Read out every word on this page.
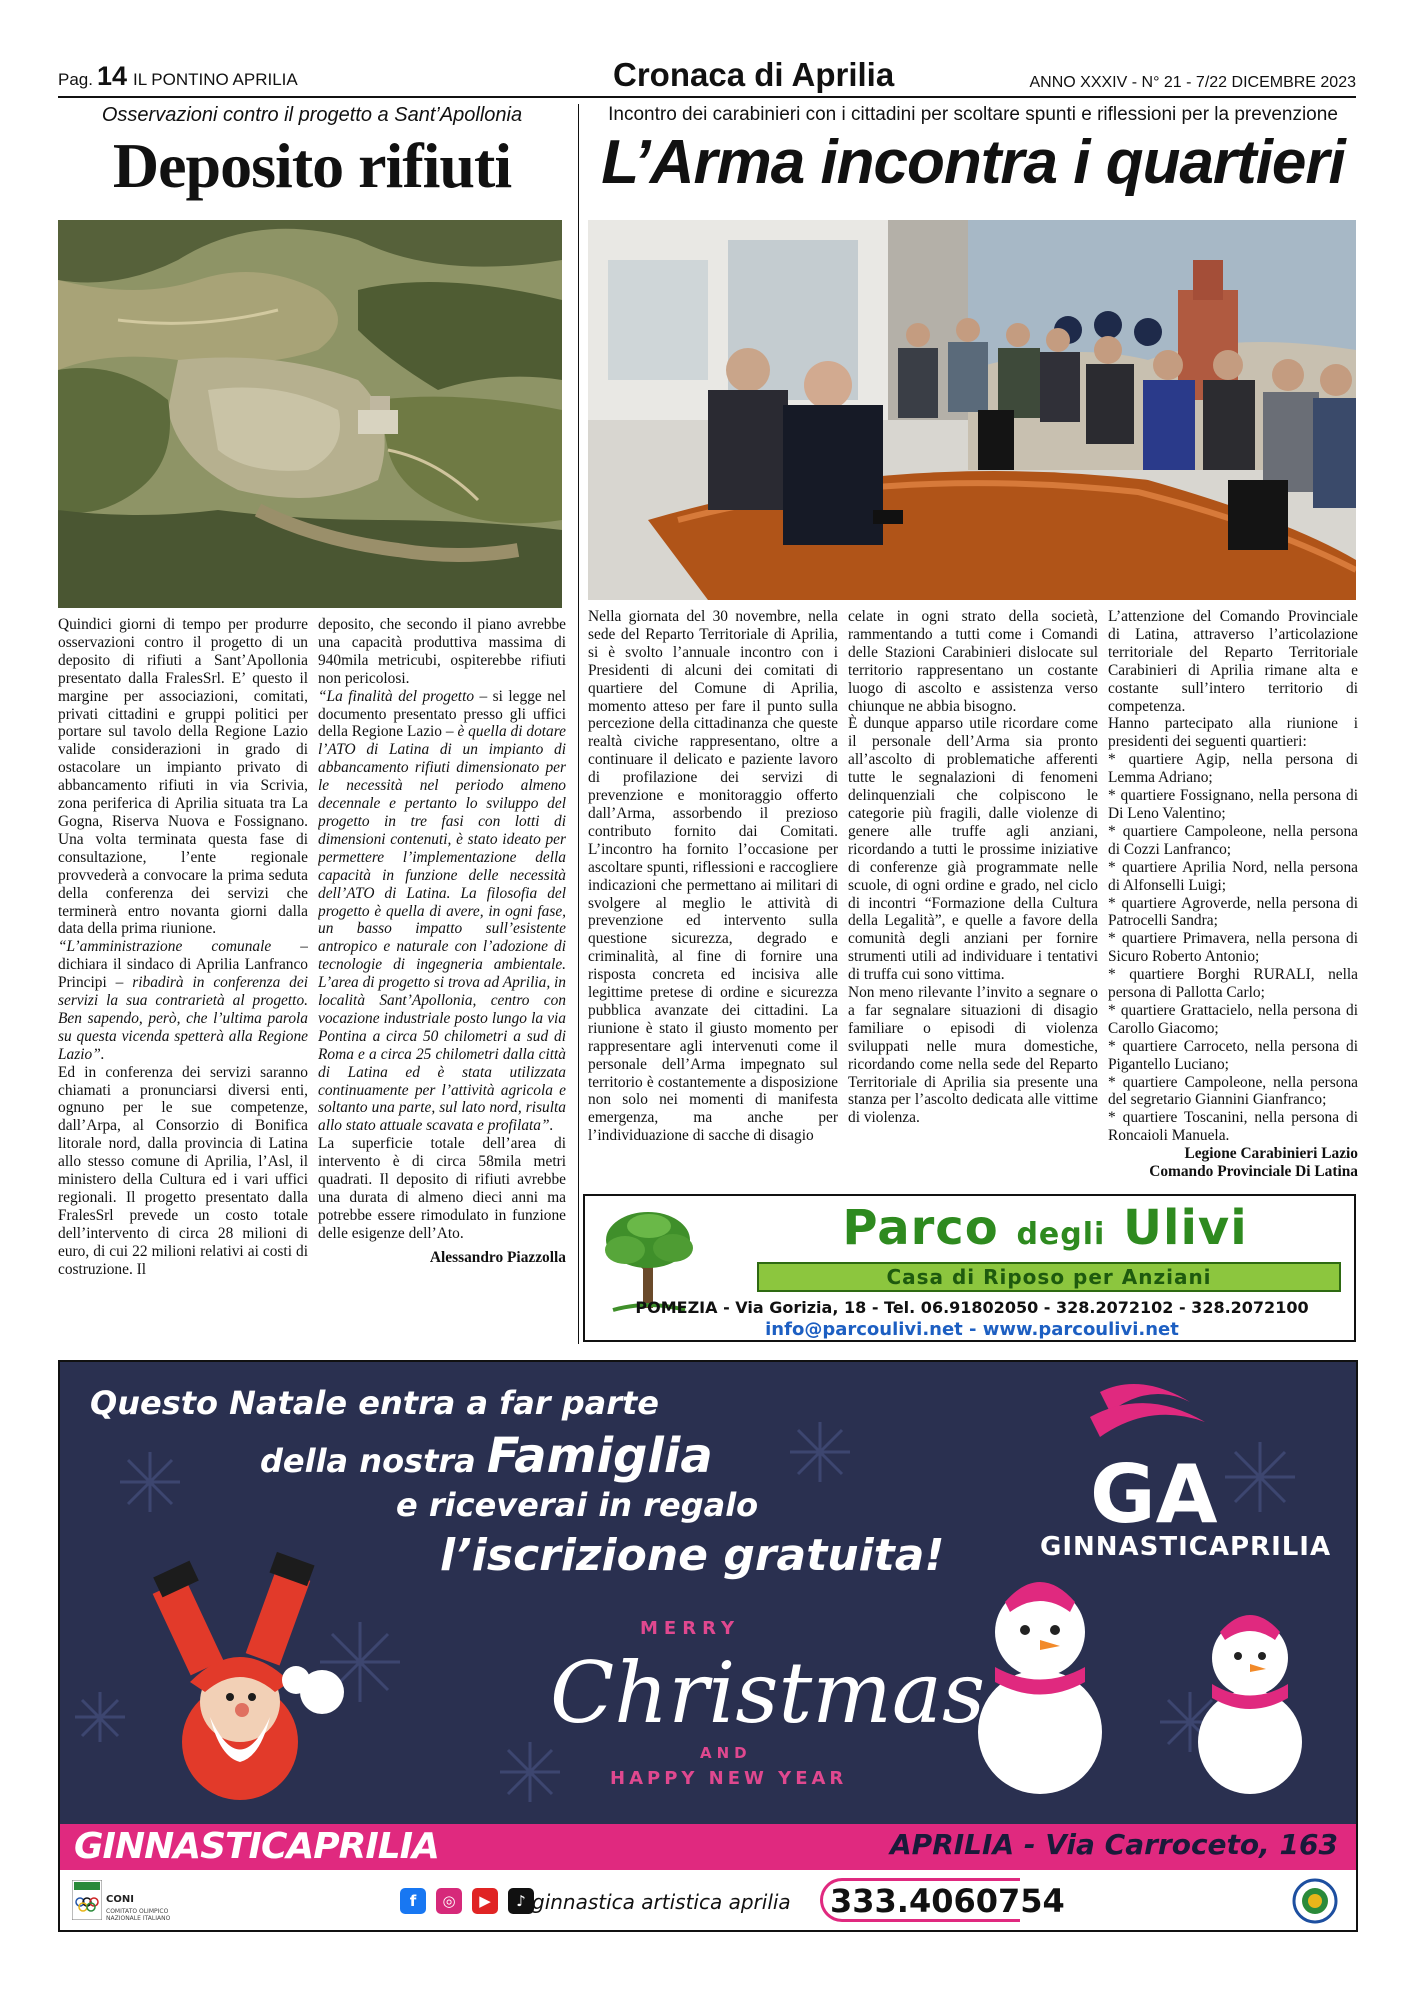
Pag. 14 IL PONTINO APRILIA	Cronaca di Aprilia	ANNO XXXIV - N° 21 - 7/22 DICEMBRE 2023
Osservazioni contro il progetto a Sant’Apollonia
Deposito rifiuti

Quindici giorni di tempo per produrre osservazioni contro il progetto di un deposito di rifiuti a Sant’Apollonia presentato dalla FralesSrl. E’ questo il margine per associazioni, comitati, privati cittadini e gruppi politici per portare sul tavolo della Regione Lazio valide considerazioni in grado di ostacolare un impianto privato di abbancamento rifiuti in via Scrivia, zona periferica di Aprilia situata tra La Gogna, Riserva Nuova e Fossignano. Una volta terminata questa fase di consultazione, l’ente regionale provvederà a convocare la prima seduta della conferenza dei servizi che terminerà entro novanta giorni dalla data della prima riunione.

“L’amministrazione comunale – dichiara il sindaco di Aprilia Lanfranco Principi – ribadirà in conferenza dei servizi la sua contrarietà al progetto. Ben sapendo, però, che l’ultima parola su questa vicenda spetterà alla Regione Lazio”.

Ed in conferenza dei servizi saranno chiamati a pronunciarsi diversi enti, ognuno per le sue competenze, dall’Arpa, al Consorzio di Bonifica litorale nord, dalla provincia di Latina allo stesso comune di Aprilia, l’Asl, il ministero della Cultura ed i vari uffici regionali. Il progetto presentato dalla FralesSrl prevede un costo totale dell’intervento di circa 28 milioni di euro, di cui 22 milioni relativi ai costi di costruzione. Il

deposito, che secondo il piano avrebbe una capacità produttiva massima di 940mila metricubi, ospiterebbe rifiuti non pericolosi.

“La finalità del progetto – si legge nel documento presentato presso gli uffici della Regione Lazio – è quella di dotare l’ATO di Latina di un impianto di abbancamento rifiuti dimensionato per le necessità nel periodo almeno decennale e pertanto lo sviluppo del progetto in tre fasi con lotti di dimensioni contenuti, è stato ideato per permettere l’implementazione della capacità in funzione delle necessità dell’ATO di Latina. La filosofia del progetto è quella di avere, in ogni fase, un basso impatto sull’esistente antropico e naturale con l’adozione di tecnologie di ingegneria ambientale. L’area di progetto si trova ad Aprilia, in località Sant’Apollonia, centro con vocazione industriale posto lungo la via Pontina a circa 50 chilometri a sud di Roma e a circa 25 chilometri dalla città di Latina ed è stata utilizzata continuamente per l’attività agricola e soltanto una parte, sul lato nord, risulta allo stato attuale scavata e profilata”.

La superficie totale dell’area di intervento è di circa 58mila metri quadrati. Il deposito di rifiuti avrebbe una durata di almeno dieci anni ma potrebbe essere rimodulato in funzione delle esigenze dell’Ato.

Alessandro Piazzolla

Incontro dei carabinieri con i cittadini per scoltare spunti e riflessioni per la prevenzione
L’Arma incontra i quartieri

Nella giornata del 30 novembre, nella sede del Reparto Territoriale di Aprilia, si è svolto l’annuale incontro con i Presidenti di alcuni dei comitati di quartiere del Comune di Aprilia, momento atteso per fare il punto sulla percezione della cittadinanza che queste realtà civiche rappresentano, oltre a continuare il delicato e paziente lavoro di profilazione dei servizi di prevenzione e monitoraggio offerto dall’Arma, assorbendo il prezioso contributo fornito dai Comitati. L’incontro ha fornito l’occasione per ascoltare spunti, riflessioni e raccogliere indicazioni che permettano ai militari di svolgere al meglio le attività di prevenzione ed intervento sulla questione sicurezza, degrado e criminalità, al fine di fornire una risposta concreta ed incisiva alle legittime pretese di ordine e sicurezza pubblica avanzate dei cittadini. La riunione è stato il giusto momento per rappresentare agli intervenuti come il personale dell’Arma impegnato sul territorio è costantemente a disposizione non solo nei momenti di manifesta emergenza, ma anche per l’individuazione di sacche di disagio

celate in ogni strato della società, rammentando a tutti come i Comandi delle Stazioni Carabinieri dislocate sul territorio rappresentano un costante luogo di ascolto e assistenza verso chiunque ne abbia bisogno.

È dunque apparso utile ricordare come il personale dell’Arma sia pronto all’ascolto di problematiche afferenti tutte le segnalazioni di fenomeni delinquenziali che colpiscono le categorie più fragili, dalle violenze di genere alle truffe agli anziani, ricordando a tutti le prossime iniziative di conferenze già programmate nelle scuole, di ogni ordine e grado, nel ciclo di incontri “Formazione della Cultura della Legalità”, e quelle a favore della comunità degli anziani per fornire strumenti utili ad individuare i tentativi di truffa cui sono vittima.

Non meno rilevante l’invito a segnare o a far segnalare situazioni di disagio familiare o episodi di violenza sviluppati nelle mura domestiche, ricordando come nella sede del Reparto Territoriale di Aprilia sia presente una stanza per l’ascolto dedicata alle vittime di violenza.

L’attenzione del Comando Provinciale di Latina, attraverso l’articolazione territoriale del Reparto Territoriale Carabinieri di Aprilia rimane alta e costante sull’intero territorio di competenza.

Hanno partecipato alla riunione i presidenti dei seguenti quartieri:

* quartiere Agip, nella persona di Lemma Adriano;

* quartiere Fossignano, nella persona di Di Leno Valentino;

* quartiere Campoleone, nella persona di Cozzi Lanfranco;

* quartiere Aprilia Nord, nella persona di Alfonselli Luigi;

* quartiere Agroverde, nella persona di Patrocelli Sandra;

* quartiere Primavera, nella persona di Sicuro Roberto Antonio;

* quartiere Borghi RURALI, nella persona di Pallotta Carlo;

* quartiere Grattacielo, nella persona di Carollo Giacomo;

* quartiere Carroceto, nella persona di Pigantello Luciano;

* quartiere Campoleone, nella persona del segretario Giannini Gianfranco;

* quartiere Toscanini, nella persona di Roncaioli Manuela.

Legione Carabinieri Lazio

Comando Provinciale Di Latina

Parco degli Ulivi
Casa di Riposo per Anziani
POMEZIA - Via Gorizia, 18 - Tel. 06.91802050 - 328.2072102 - 328.2072100
info@parcoulivi.net - www.parcoulivi.net
GA
Questo Natale entra a far parte
della nostra Famiglia
e riceverai in regalo
l’iscrizione gratuita!
MERRY
Christmas
AND
HAPPY NEW YEAR
GINNASTICAPRILIA
GINNASTICAPRILIA	APRILIA - Via Carroceto, 163
CONI
COMITATO OLIMPICO NAZIONALE ITALIANO
f	◎	▶	♪ ginnastica artistica aprilia 333.4060754
